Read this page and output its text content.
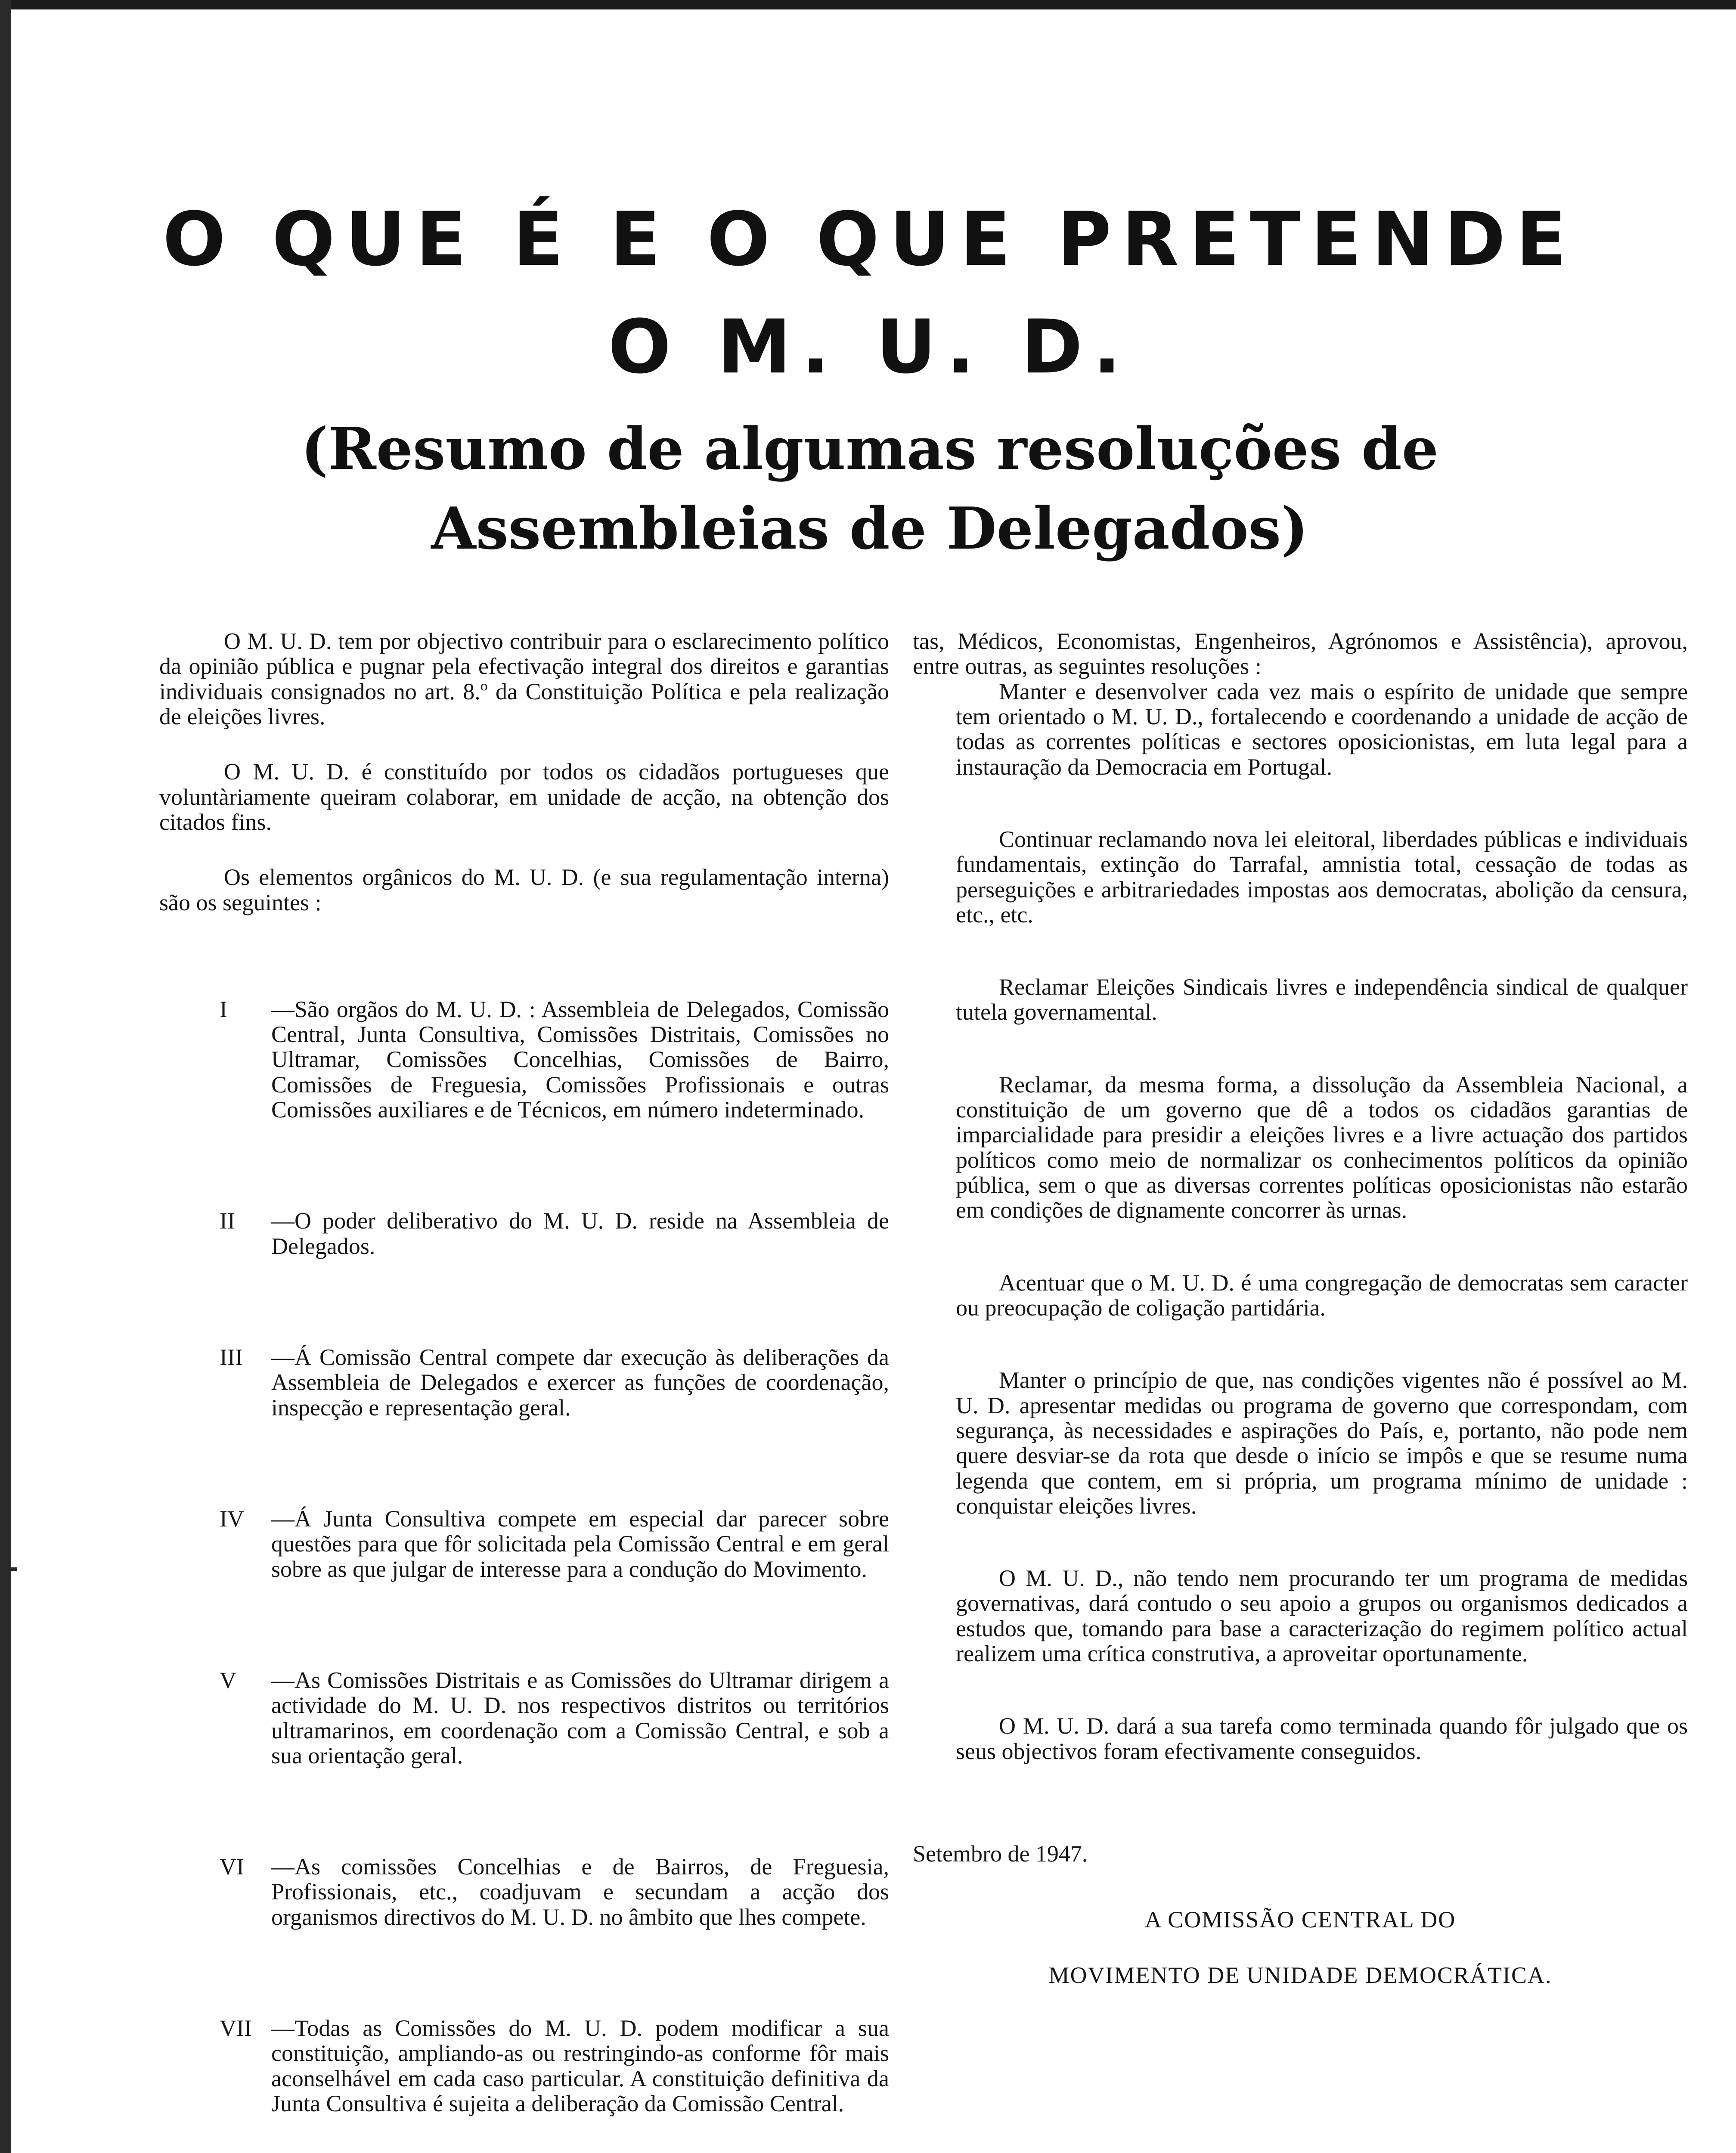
O QUE É E O QUE PRETENDE
O M. U. D.
(Resumo de algumas resoluções de
Assembleias de Delegados)

O M. U. D. tem por objectivo contribuir para o esclarecimento político da opinião pública e pugnar pela efectivação integral dos direitos e garantias individuais consignados no art. 8.º da Constituição Política e pela realização de eleições livres.

O M. U. D. é constituído por todos os cidadãos portugueses que voluntàriamente queiram colaborar, em unidade de acção, na obtenção dos citados fins.

Os elementos orgânicos do M. U. D. (e sua regulamentação interna) são os seguintes :

I	—São orgãos do M. U. D. : Assembleia de Delegados, Comissão Central, Junta Consultiva, Comissões Distritais, Comissões no Ultramar, Comissões Concelhias, Comissões de Bairro, Comissões de Freguesia, Comissões Profissionais e outras Comissões auxiliares e de Técnicos, em número indeterminado.
II	—O poder deliberativo do M. U. D. reside na Assembleia de Delegados.
III	—Á Comissão Central compete dar execução às deliberações da Assembleia de Delegados e exercer as funções de coordenação, inspecção e representação geral.
IV	—Á Junta Consultiva compete em especial dar parecer sobre questões para que fôr solicitada pela Comissão Central e em geral sobre as que julgar de interesse para a condução do Movimento.
V	—As Comissões Distritais e as Comissões do Ultramar dirigem a actividade do M. U. D. nos respectivos distritos ou territórios ultramarinos, em coordenação com a Comissão Central, e sob a sua orientação geral.
VI	—As comissões Concelhias e de Bairros, de Freguesia, Profissionais, etc., coadjuvam e secundam a acção dos organismos directivos do M. U. D. no âmbito que lhes compete.
VII —Todas as Comissões do M. U. D. podem modificar a sua constituição, ampliando-as ou restringindo-as conforme fôr mais aconselhável em cada caso particular. A constituição definitiva da Junta Consultiva é sujeita a deliberação da Comissão Central.

tas, Médicos, Economistas, Engenheiros, Agrónomos e Assistência), aprovou, entre outras, as seguintes resoluções :

Manter e desenvolver cada vez mais o espírito de unidade que sempre tem orientado o M. U. D., fortalecendo e coordenando a unidade de acção de todas as correntes políticas e sectores oposicionistas, em luta legal para a instauração da Democracia em Portugal.

Continuar reclamando nova lei eleitoral, liberdades públicas e individuais fundamentais, extinção do Tarrafal, amnistia total, cessação de todas as perseguições e arbitrariedades impostas aos democratas, abolição da censura, etc., etc.

Reclamar Eleições Sindicais livres e independência sindical de qualquer tutela governamental.

Reclamar, da mesma forma, a dissolução da Assembleia Nacional, a constituição de um governo que dê a todos os cidadãos garantias de imparcialidade para presidir a eleições livres e a livre actuação dos partidos políticos como meio de normalizar os conhecimentos políticos da opinião pública, sem o que as diversas correntes políticas oposicionistas não estarão em condições de dignamente concorrer às urnas.

Acentuar que o M. U. D. é uma congregação de democratas sem caracter ou preocupação de coligação partidária.

Manter o princípio de que, nas condições vigentes não é possível ao M. U. D. apresentar medidas ou programa de governo que correspondam, com segurança, às necessidades e aspirações do País, e, portanto, não pode nem quere desviar-se da rota que desde o início se impôs e que se resume numa legenda que contem, em si própria, um programa mínimo de unidade : conquistar eleições livres.

O M. U. D., não tendo nem procurando ter um programa de medidas governativas, dará contudo o seu apoio a grupos ou organismos dedicados a estudos que, tomando para base a caracterização do regimem político actual realizem uma crítica construtiva, a aproveitar oportunamente.

O M. U. D. dará a sua tarefa como terminada quando fôr julgado que os seus objectivos foram efectivamente conseguidos.

Setembro de 1947.

A COMISSÃO CENTRAL DO
MOVIMENTO DE UNIDADE DEMOCRÁTICA.
